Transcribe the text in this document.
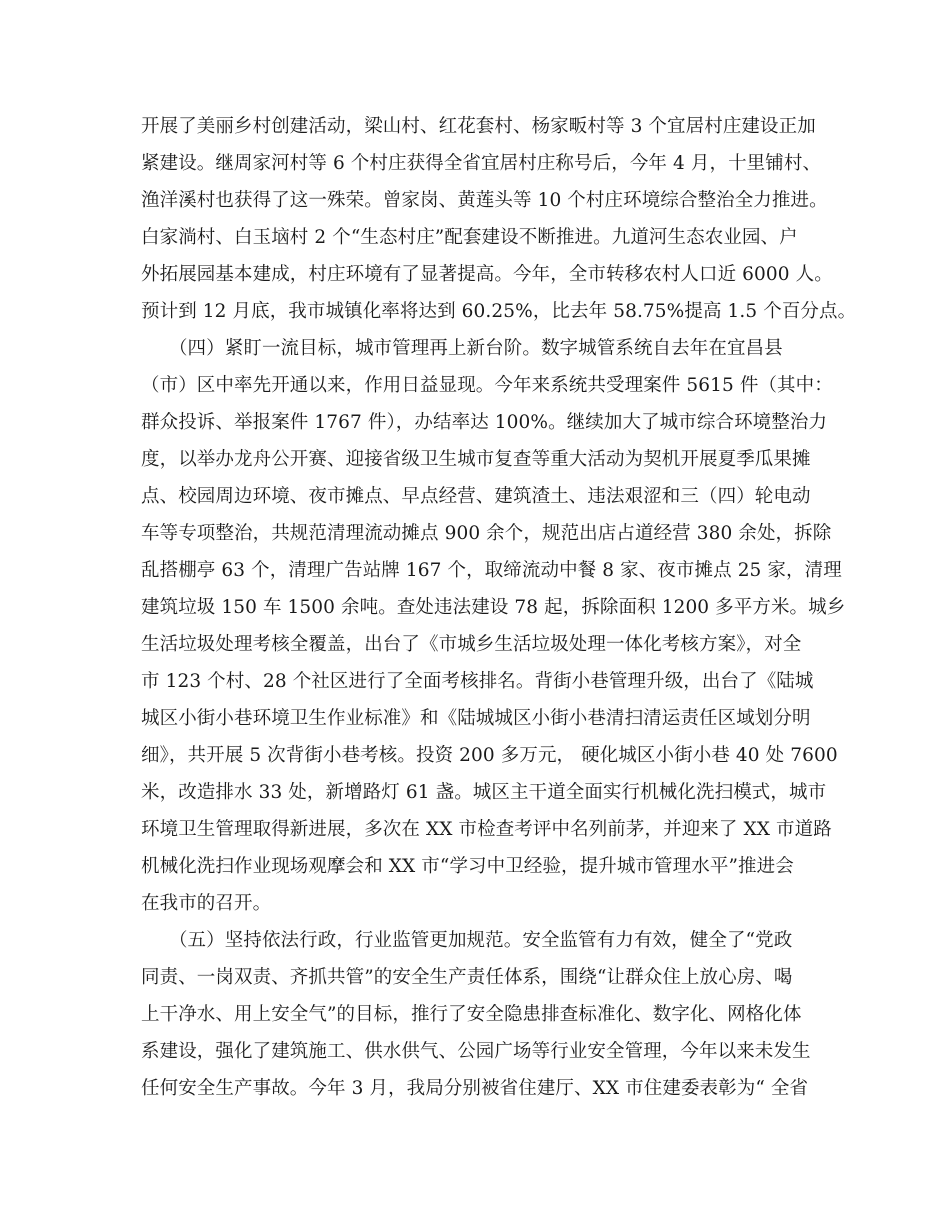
开展了美丽乡村创建活动，梁山村、红花套村、杨家畈村等 3 个宜居村庄建设正加
紧建设。继周家河村等 6 个村庄获得全省宜居村庄称号后，今年 4 月，十里铺村、
渔洋溪村也获得了这一殊荣。曾家岗、黄莲头等 10 个村庄环境综合整治全力推进。
白家淌村、白玉垴村 2 个“生态村庄”配套建设不断推进。九道河生态农业园、户
外拓展园基本建成，村庄环境有了显著提高。今年，全市转移农村人口近 6000 人。
预计到 12 月底，我市城镇化率将达到 60.25%，比去年 58.75%提高 1.5 个百分点。
　　（四）紧盯一流目标，城市管理再上新台阶。数字城管系统自去年在宜昌县
（市）区中率先开通以来，作用日益显现。今年来系统共受理案件 5615 件（其中：
群众投诉、举报案件 1767 件），办结率达 100%。继续加大了城市综合环境整治力
度，以举办龙舟公开赛、迎接省级卫生城市复查等重大活动为契机开展夏季瓜果摊
点、校园周边环境、夜市摊点、早点经营、建筑渣土、违法艰涩和三（四）轮电动
车等专项整治，共规范清理流动摊点 900 余个，规范出店占道经营 380 余处，拆除
乱搭棚亭 63 个，清理广告站牌 167 个，取缔流动中餐 8 家、夜市摊点 25 家，清理
建筑垃圾 150 车 1500 余吨。查处违法建设 78 起，拆除面积 1200 多平方米。城乡
生活垃圾处理考核全覆盖，出台了《市城乡生活垃圾处理一体化考核方案》，对全
市 123 个村、28 个社区进行了全面考核排名。背街小巷管理升级，出台了《陆城
城区小街小巷环境卫生作业标准》和《陆城城区小街小巷清扫清运责任区域划分明
细》，共开展 5 次背街小巷考核。投资 200 多万元， 硬化城区小街小巷 40 处 7600
米，改造排水 33 处，新增路灯 61 盏。城区主干道全面实行机械化洗扫模式，城市
环境卫生管理取得新进展，多次在 XX 市检查考评中名列前茅，并迎来了 XX 市道路
机械化洗扫作业现场观摩会和 XX 市“学习中卫经验，提升城市管理水平”推进会
在我市的召开。
　　（五）坚持依法行政，行业监管更加规范。安全监管有力有效，健全了“党政
同责、一岗双责、齐抓共管”的安全生产责任体系，围绕“让群众住上放心房、喝
上干净水、用上安全气”的目标，推行了安全隐患排查标准化、数字化、网格化体
系建设，强化了建筑施工、供水供气、公园广场等行业安全管理，今年以来未发生
任何安全生产事故。今年 3 月，我局分别被省住建厅、XX 市住建委表彰为“ 全省
